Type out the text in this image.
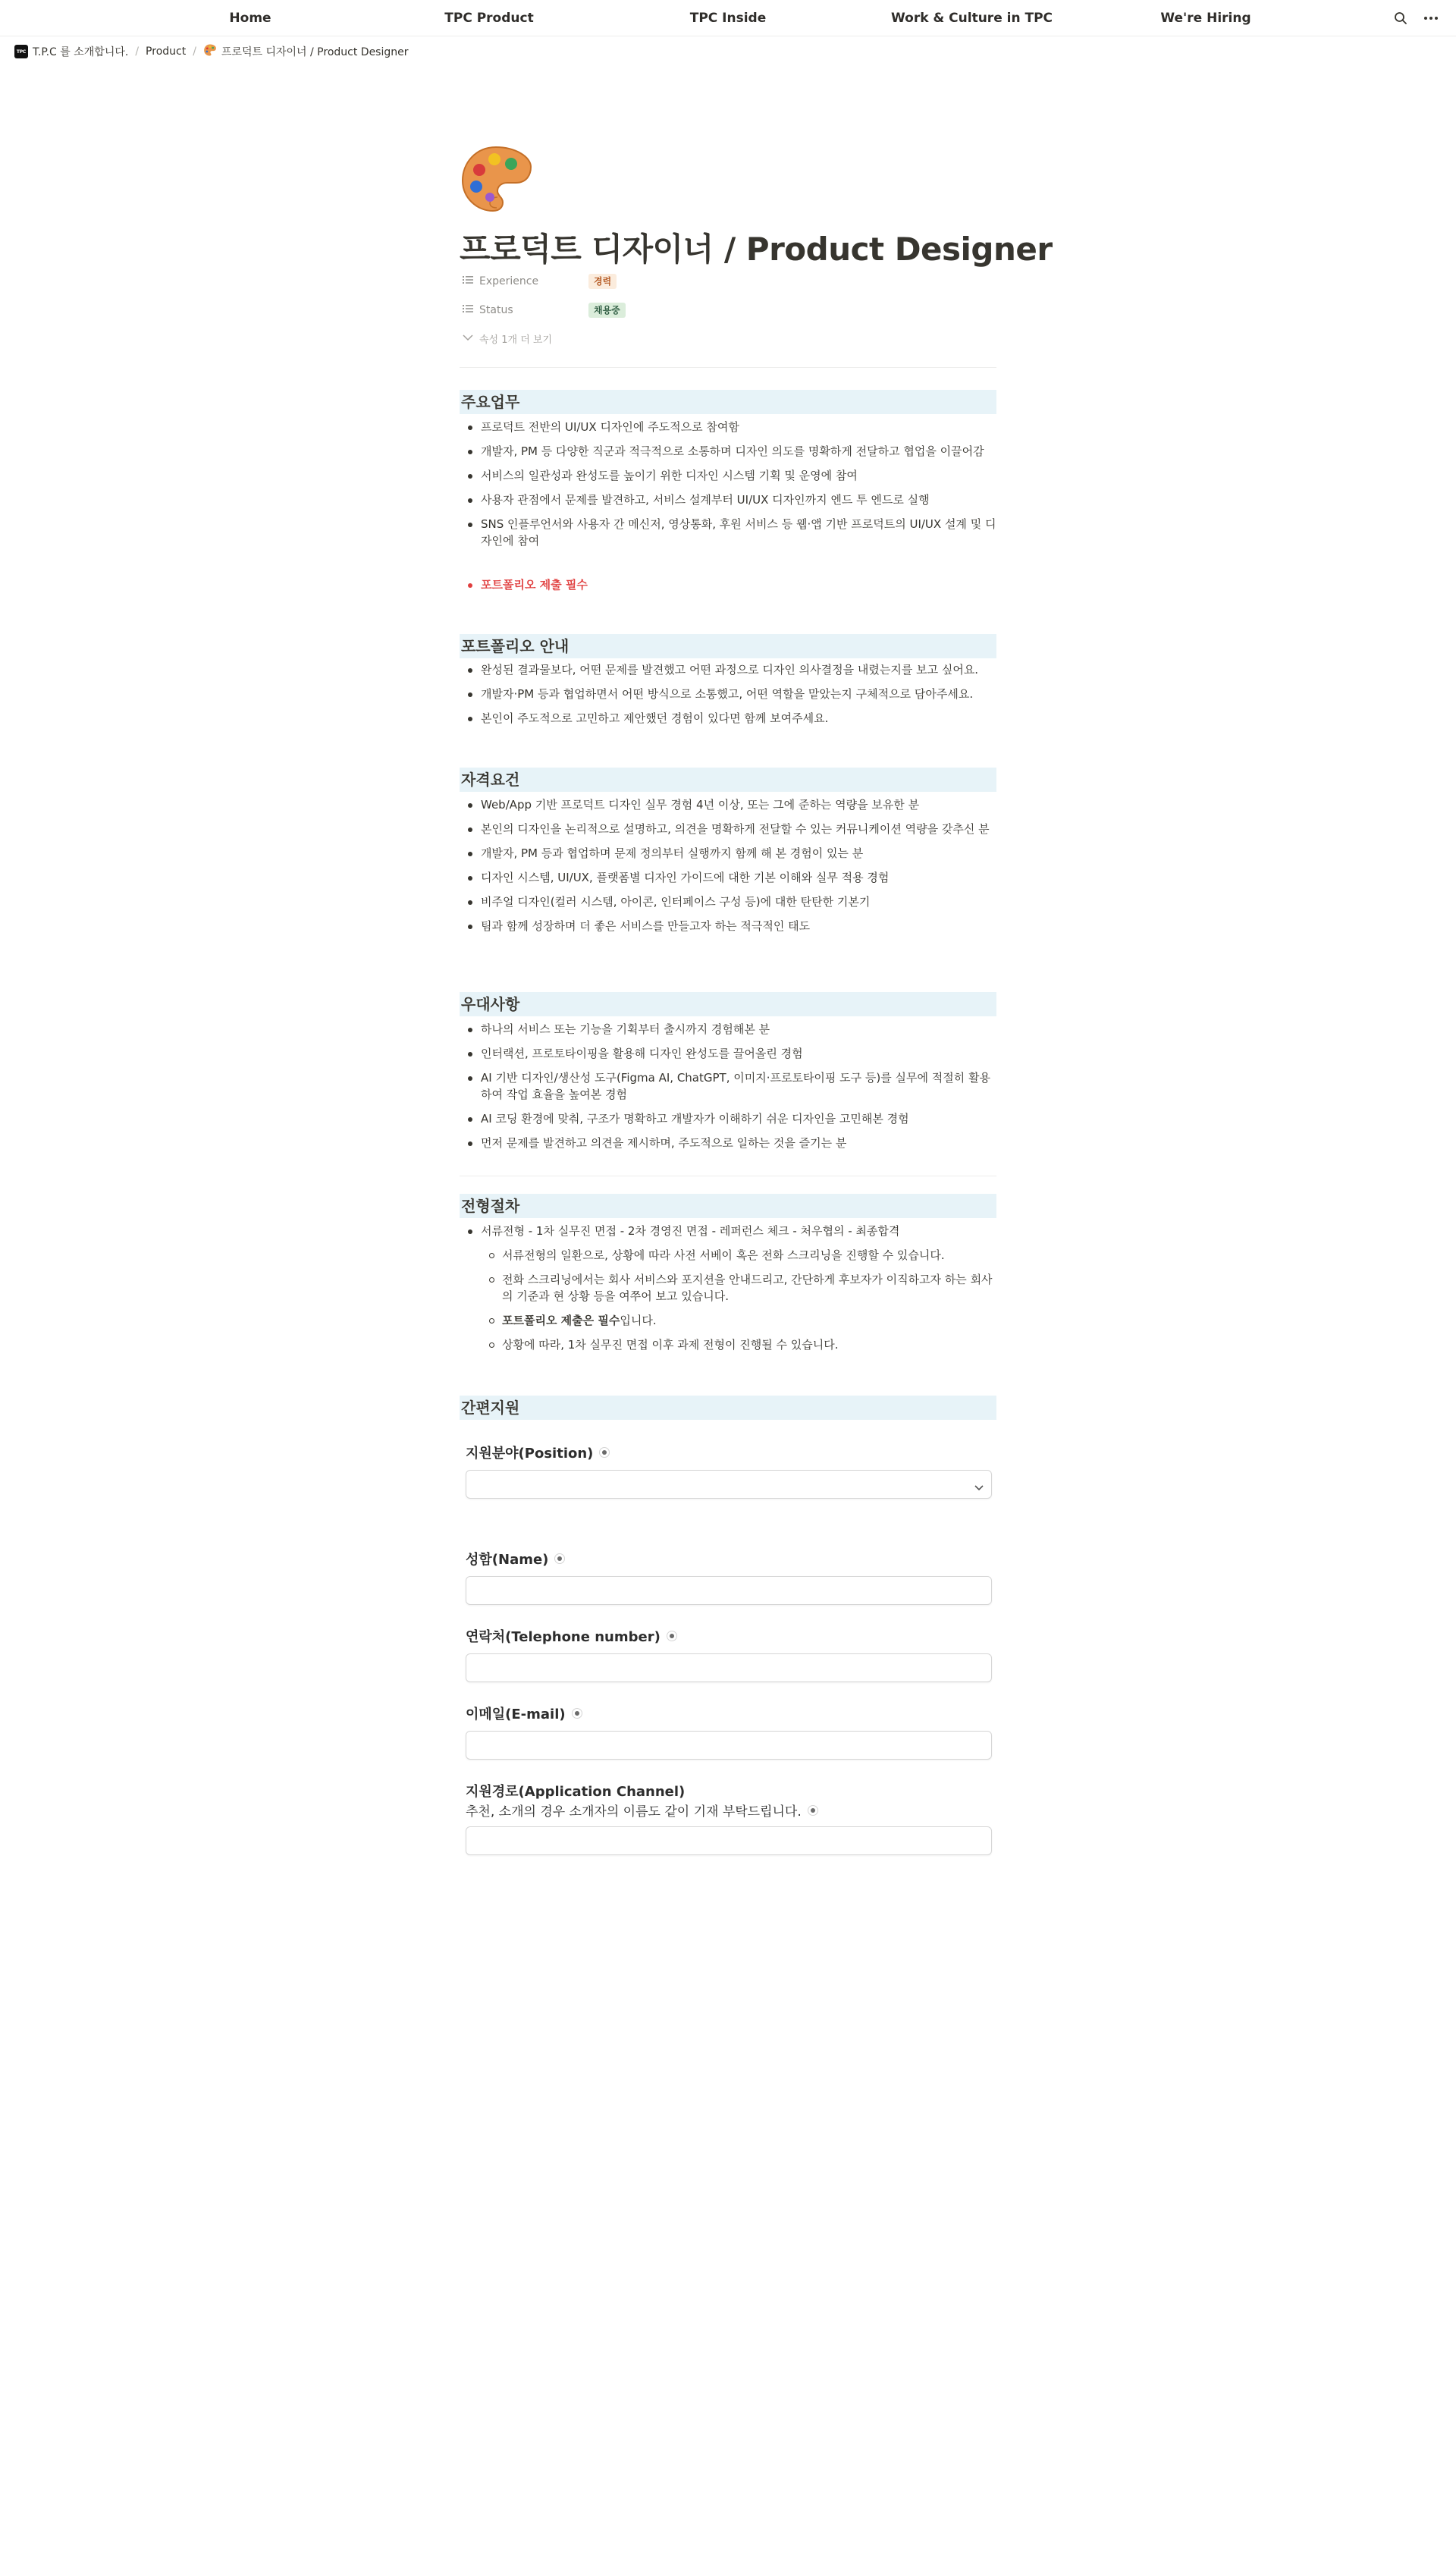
Home	TPC Product	TPC Inside	Work & Culture in TPC	We're Hiring
TPC T.P.C 를 소개합니다. / Product / 프로덕트 디자이너 / Product Designer
프로덕트 디자이너 / Product Designer
Experience	경력
Status	채용중
속성 1개 더 보기
주요업무
프로덕트 전반의 UI/UX 디자인에 주도적으로 참여함
개발자, PM 등 다양한 직군과 적극적으로 소통하며 디자인 의도를 명확하게 전달하고 협업을 이끌어감
서비스의 일관성과 완성도를 높이기 위한 디자인 시스템 기획 및 운영에 참여
사용자 관점에서 문제를 발견하고, 서비스 설계부터 UI/UX 디자인까지 엔드 투 엔드로 실행
SNS 인플루언서와 사용자 간 메신저, 영상통화, 후원 서비스 등 웹·앱 기반 프로덕트의 UI/UX 설계 및 디자인에 참여
포트폴리오 제출 필수
포트폴리오 안내
완성된 결과물보다, 어떤 문제를 발견했고 어떤 과정으로 디자인 의사결정을 내렸는지를 보고 싶어요.
개발자·PM 등과 협업하면서 어떤 방식으로 소통했고, 어떤 역할을 맡았는지 구체적으로 담아주세요.
본인이 주도적으로 고민하고 제안했던 경험이 있다면 함께 보여주세요.
자격요건
Web/App 기반 프로덕트 디자인 실무 경험 4년 이상, 또는 그에 준하는 역량을 보유한 분
본인의 디자인을 논리적으로 설명하고, 의견을 명확하게 전달할 수 있는 커뮤니케이션 역량을 갖추신 분
개발자, PM 등과 협업하며 문제 정의부터 실행까지 함께 해 본 경험이 있는 분
디자인 시스템, UI/UX, 플랫폼별 디자인 가이드에 대한 기본 이해와 실무 적용 경험
비주얼 디자인(컬러 시스템, 아이콘, 인터페이스 구성 등)에 대한 탄탄한 기본기
팀과 함께 성장하며 더 좋은 서비스를 만들고자 하는 적극적인 태도
우대사항
하나의 서비스 또는 기능을 기획부터 출시까지 경험해본 분
인터랙션, 프로토타이핑을 활용해 디자인 완성도를 끌어올린 경험
AI 기반 디자인/생산성 도구(Figma AI, ChatGPT, 이미지·프로토타이핑 도구 등)를 실무에 적절히 활용하여 작업 효율을 높여본 경험
AI 코딩 환경에 맞춰, 구조가 명확하고 개발자가 이해하기 쉬운 디자인을 고민해본 경험
먼저 문제를 발견하고 의견을 제시하며, 주도적으로 일하는 것을 즐기는 분
전형절차
서류전형 - 1차 실무진 면접 - 2차 경영진 면접 - 레퍼런스 체크 - 처우협의 - 최종합격
서류전형의 일환으로, 상황에 따라 사전 서베이 혹은 전화 스크리닝을 진행할 수 있습니다.
전화 스크리닝에서는 회사 서비스와 포지션을 안내드리고, 간단하게 후보자가 이직하고자 하는 회사의 기준과 현 상황 등을 여쭈어 보고 있습니다.
포트폴리오 제출은 필수입니다.
상황에 따라, 1차 실무진 면접 이후 과제 전형이 진행될 수 있습니다.
간편지원
지원분야(Position)
성함(Name)
연락처(Telephone number)
이메일(E-mail)
지원경로(Application Channel)
추천, 소개의 경우 소개자의 이름도 같이 기재 부탁드립니다.
